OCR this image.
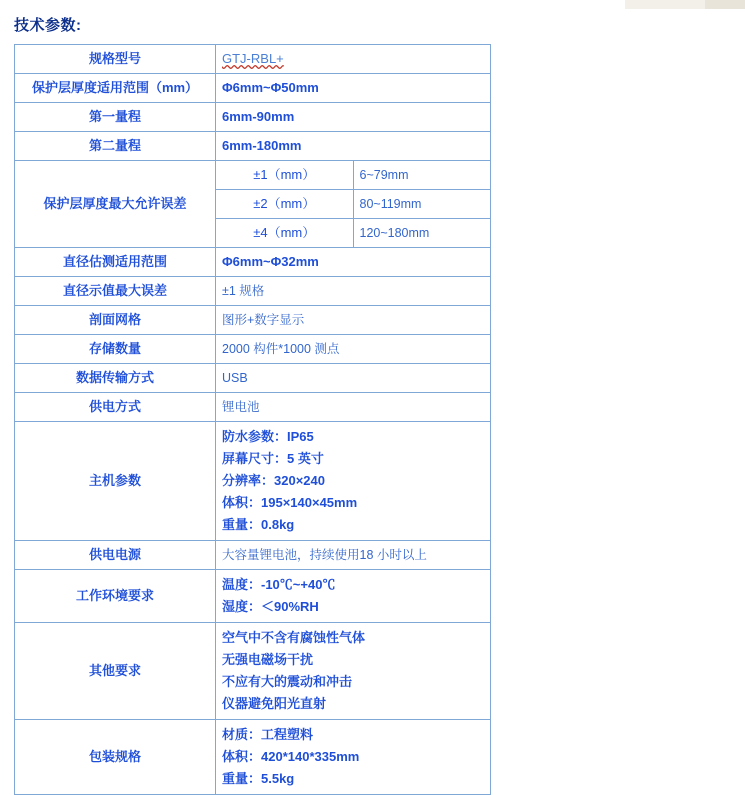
技术参数:
规格型号	GTJ-RBL+	
保护层厚度适用范围（mm）	Φ6mm~Φ50mm	
第一量程	6mm-90mm	
第二量程	6mm-180mm	
保护层厚度最大允许误差	±1（mm）	6~79mm
	±2（mm）	80~119mm
	±4（mm）	120~180mm
直径估测适用范围	Φ6mm~Φ32mm	
直径示值最大误差	±1 规格	
剖面网格	图形+数字显示	
存储数量	2000 构件*1000 测点	
数据传输方式	USB	
供电方式	锂电池	
主机参数	防水参数：IP65
屏幕尺寸：5 英寸
分辨率：320×240
体积：195×140×45mm
重量：0.8kg	

供电电源	大容量锂电池，持续使用18 小时以上	
工作环境要求	温度：-10℃~+40℃
湿度：＜90%RH	

其他要求	空气中不含有腐蚀性气体
无强电磁场干扰
不应有大的震动和冲击
仪器避免阳光直射	

包装规格	材质：工程塑料
体积：420*140*335mm
重量：5.5kg	
